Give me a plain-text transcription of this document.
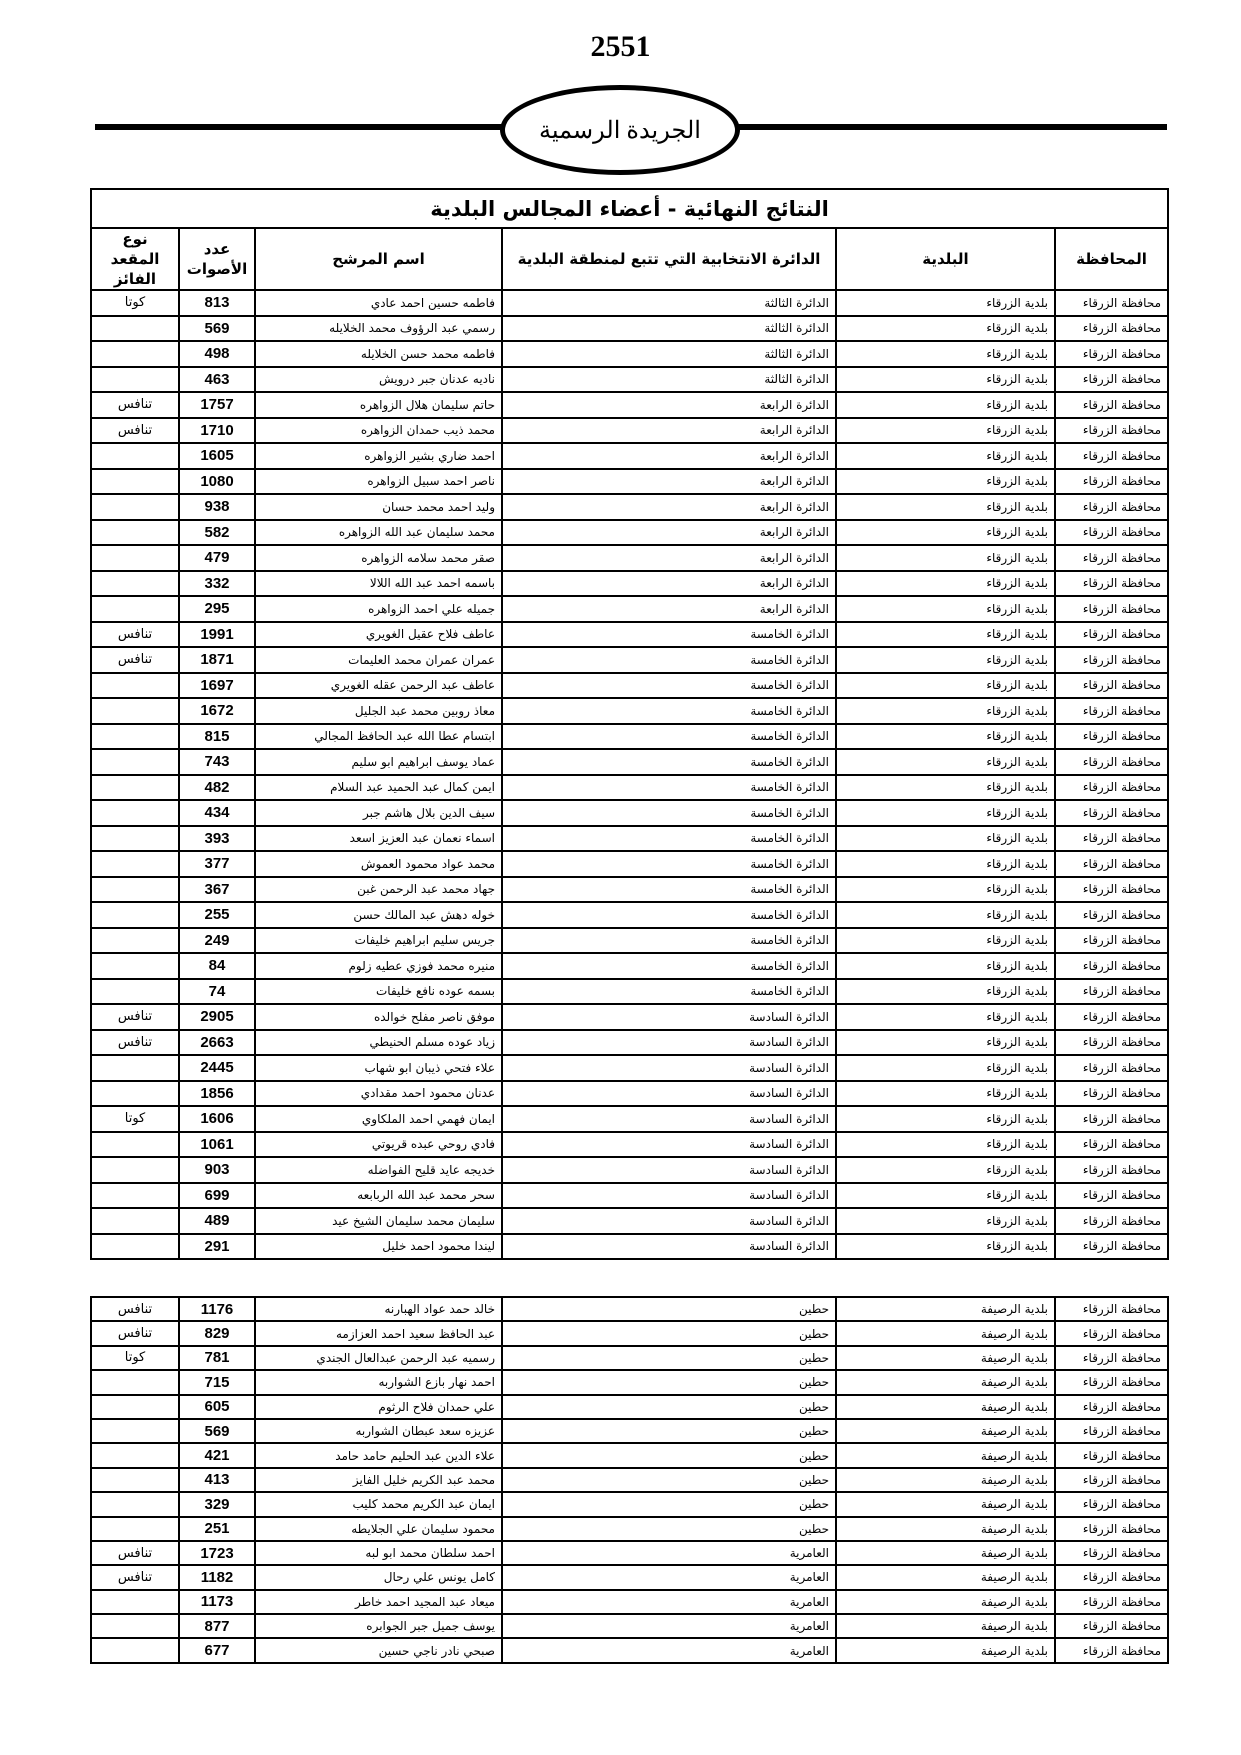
2551
الجريدة الرسمية
النتائج النهائية - أعضاء المجالس البلدية					
المحافظة	البلدية	الدائرة الانتخابية التي تتبع لمنطقة البلدية	اسم المرشح	عدد الأصوات	نوع المقعد الفائز
محافظة الزرقاء	بلدية الزرقاء	الدائرة الثالثة	فاطمه حسين احمد عادي	813	كوتا
محافظة الزرقاء	بلدية الزرقاء	الدائرة الثالثة	رسمي عبد الرؤوف محمد الخلايله	569	
محافظة الزرقاء	بلدية الزرقاء	الدائرة الثالثة	فاطمه محمد حسن الخلايله	498	
محافظة الزرقاء	بلدية الزرقاء	الدائرة الثالثة	ناديه عدنان جبر درويش	463	
محافظة الزرقاء	بلدية الزرقاء	الدائرة الرابعة	حاتم سليمان هلال الزواهره	1757	تنافس
محافظة الزرقاء	بلدية الزرقاء	الدائرة الرابعة	محمد ذيب حمدان الزواهره	1710	تنافس
محافظة الزرقاء	بلدية الزرقاء	الدائرة الرابعة	احمد ضاري بشير الزواهره	1605	
محافظة الزرقاء	بلدية الزرقاء	الدائرة الرابعة	ناصر احمد سبيل الزواهره	1080	
محافظة الزرقاء	بلدية الزرقاء	الدائرة الرابعة	وليد احمد محمد حسان	938	
محافظة الزرقاء	بلدية الزرقاء	الدائرة الرابعة	محمد سليمان عبد الله الزواهره	582	
محافظة الزرقاء	بلدية الزرقاء	الدائرة الرابعة	صقر محمد سلامه الزواهره	479	
محافظة الزرقاء	بلدية الزرقاء	الدائرة الرابعة	باسمه احمد عبد الله اللالا	332	
محافظة الزرقاء	بلدية الزرقاء	الدائرة الرابعة	جميله علي احمد الزواهره	295	
محافظة الزرقاء	بلدية الزرقاء	الدائرة الخامسة	عاطف فلاح عقيل الغويري	1991	تنافس
محافظة الزرقاء	بلدية الزرقاء	الدائرة الخامسة	عمران عمران محمد العليمات	1871	تنافس
محافظة الزرقاء	بلدية الزرقاء	الدائرة الخامسة	عاطف عبد الرحمن عقله الغويري	1697	
محافظة الزرقاء	بلدية الزرقاء	الدائرة الخامسة	معاذ روبين محمد عبد الجليل	1672	
محافظة الزرقاء	بلدية الزرقاء	الدائرة الخامسة	ابتسام عطا الله عبد الحافظ المجالي	815	
محافظة الزرقاء	بلدية الزرقاء	الدائرة الخامسة	عماد يوسف ابراهيم ابو سليم	743	
محافظة الزرقاء	بلدية الزرقاء	الدائرة الخامسة	ايمن كمال عبد الحميد عبد السلام	482	
محافظة الزرقاء	بلدية الزرقاء	الدائرة الخامسة	سيف الدين بلال هاشم جبر	434	
محافظة الزرقاء	بلدية الزرقاء	الدائرة الخامسة	اسماء نعمان عبد العزيز اسعد	393	
محافظة الزرقاء	بلدية الزرقاء	الدائرة الخامسة	محمد عواد محمود العموش	377	
محافظة الزرقاء	بلدية الزرقاء	الدائرة الخامسة	جهاد محمد عبد الرحمن غبن	367	
محافظة الزرقاء	بلدية الزرقاء	الدائرة الخامسة	خوله دهش عبد المالك حسن	255	
محافظة الزرقاء	بلدية الزرقاء	الدائرة الخامسة	جريس سليم ابراهيم خليفات	249	
محافظة الزرقاء	بلدية الزرقاء	الدائرة الخامسة	منيره محمد فوزي عطيه زلوم	84	
محافظة الزرقاء	بلدية الزرقاء	الدائرة الخامسة	بسمه عوده نافع خليفات	74	
محافظة الزرقاء	بلدية الزرقاء	الدائرة السادسة	موفق ناصر مفلح خوالده	2905	تنافس
محافظة الزرقاء	بلدية الزرقاء	الدائرة السادسة	زياد عوده مسلم الحنيطي	2663	تنافس
محافظة الزرقاء	بلدية الزرقاء	الدائرة السادسة	علاء فتحي ذيبان ابو شهاب	2445	
محافظة الزرقاء	بلدية الزرقاء	الدائرة السادسة	عدنان محمود احمد مقدادي	1856	
محافظة الزرقاء	بلدية الزرقاء	الدائرة السادسة	ايمان فهمي احمد الملكاوي	1606	كوتا
محافظة الزرقاء	بلدية الزرقاء	الدائرة السادسة	فادي روحي عبده قريوتي	1061	
محافظة الزرقاء	بلدية الزرقاء	الدائرة السادسة	خديجه عايد قليح الفواضله	903	
محافظة الزرقاء	بلدية الزرقاء	الدائرة السادسة	سحر محمد عبد الله الربابعه	699	
محافظة الزرقاء	بلدية الزرقاء	الدائرة السادسة	سليمان محمد سليمان الشيخ عيد	489	
محافظة الزرقاء	بلدية الزرقاء	الدائرة السادسة	ليندا محمود احمد خليل	291	
محافظة الزرقاء	بلدية الرصيفة	حطين	خالد حمد عواد الهبارنه	1176	تنافس
محافظة الزرقاء	بلدية الرصيفة	حطين	عبد الحافظ سعيد احمد العزازمه	829	تنافس
محافظة الزرقاء	بلدية الرصيفة	حطين	رسميه عبد الرحمن عبدالعال الجندي	781	كوتا
محافظة الزرقاء	بلدية الرصيفة	حطين	احمد نهار بازع الشواربه	715	
محافظة الزرقاء	بلدية الرصيفة	حطين	علي حمدان فلاح الرثوم	605	
محافظة الزرقاء	بلدية الرصيفة	حطين	عزيزه سعد عبطان الشواربه	569	
محافظة الزرقاء	بلدية الرصيفة	حطين	علاء الدين عبد الحليم حامد حامد	421	
محافظة الزرقاء	بلدية الرصيفة	حطين	محمد عبد الكريم خليل الفايز	413	
محافظة الزرقاء	بلدية الرصيفة	حطين	ايمان عبد الكريم محمد كليب	329	
محافظة الزرقاء	بلدية الرصيفة	حطين	محمود سليمان علي الجلايطه	251	
محافظة الزرقاء	بلدية الرصيفة	العامرية	احمد سلطان محمد ابو لبه	1723	تنافس
محافظة الزرقاء	بلدية الرصيفة	العامرية	كامل يونس علي رحال	1182	تنافس
محافظة الزرقاء	بلدية الرصيفة	العامرية	ميعاد عبد المجيد احمد خاطر	1173	
محافظة الزرقاء	بلدية الرصيفة	العامرية	يوسف جميل جبر الجوابره	877	
محافظة الزرقاء	بلدية الرصيفة	العامرية	صبحي نادر ناجي حسين	677	
